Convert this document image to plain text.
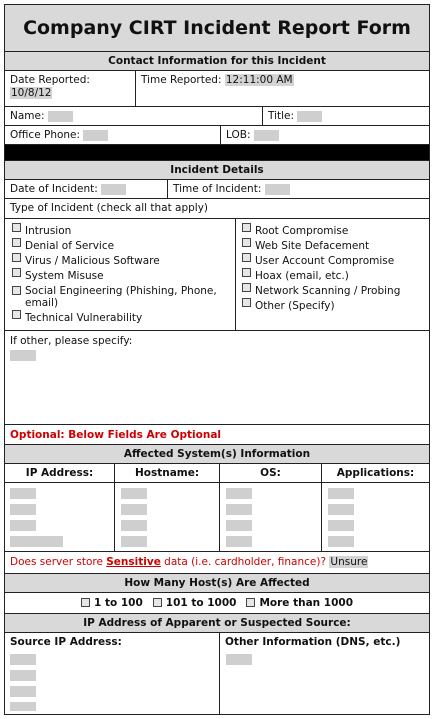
Company CIRT Incident Report Form
Contact Information for this Incident
Date Reported:
10/8/12
Time Reported: 12:11:00 AM
Name:	Title:
Office Phone:	LOB:
Incident Details
Date of Incident:	Time of Incident:
Type of Incident (check all that apply)
Intrusion
Denial of Service
Virus / Malicious Software
System Misuse
Social Engineering (Phishing, Phone, email)
Technical Vulnerability
Root Compromise
Web Site Defacement
User Account Compromise
Hoax (email, etc.)
Network Scanning / Probing
Other (Specify)
If other, please specify:
Optional: Below Fields Are Optional
Affected System(s) Information
IP Address:	Hostname:	OS:	Applications:
Does server store Sensitive data (i.e. cardholder, finance)? Unsure
How Many Host(s) Are Affected
1 to 100	101 to 1000	More than 1000
IP Address of Apparent or Suspected Source:
Source IP Address:	Other Information (DNS, etc.)
